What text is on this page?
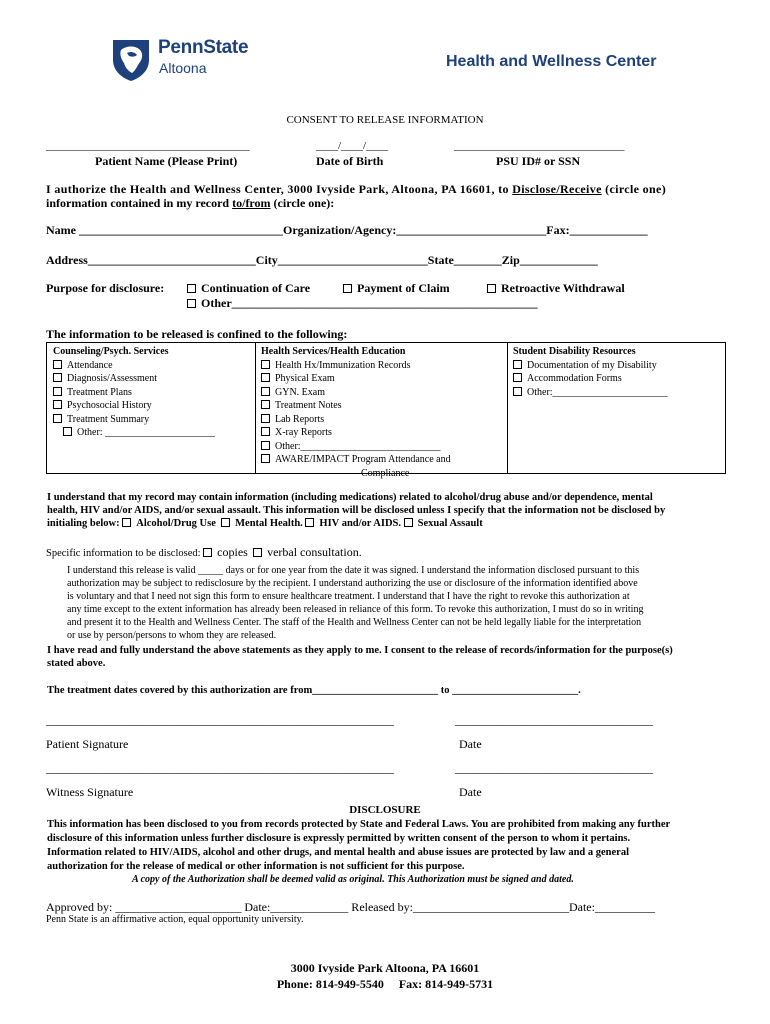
PennState
Altoona	Health and Wellness Center
CONSENT TO RELEASE INFORMATION
_____________________________________	____/____/____	_______________________________
Patient Name (Please Print)	Date of Birth	PSU ID# or SSN
I authorize the Health and Wellness Center, 3000 Ivyside Park, Altoona, PA 16601, to Disclose/Receive (circle one)
information contained in my record to/from (circle one):
Name __________________________________Organization/Agency:_________________________Fax:_____________
Address____________________________City_________________________State________Zip_____________
Purpose for disclosure:	Continuation of Care	Payment of Claim	Retroactive Withdrawal
Other___________________________________________________
The information to be released is confined to the following:
Counseling/Psych. Services
Attendance
Diagnosis/Assessment
Treatment Plans
Psychosocial History
Treatment Summary
Other: ______________________
Health Services/Health Education
Health Hx/Immunization Records
Physical Exam
GYN. Exam
Treatment Notes
Lab Reports
X-ray Reports
Other:____________________________
AWARE/IMPACT Program Attendance and
Compliance
Student Disability Resources
Documentation of my Disability
Accommodation Forms
Other:_______________________
I understand that my record may contain information (including medications) related to alcohol/drug abuse and/or dependence, mental
health, HIV and/or AIDS, and/or sexual assault. This information will be disclosed unless I specify that the information not be disclosed by
initialing below: Alcohol/Drug Use Mental Health. HIV and/or AIDS. Sexual Assault
Specific information to be disclosed: copies verbal consultation.
I understand this release is valid _____ days or for one year from the date it was signed. I understand the information disclosed pursuant to this
authorization may be subject to redisclosure by the recipient. I understand authorizing the use or disclosure of the information identified above
is voluntary and that I need not sign this form to ensure healthcare treatment. I understand that I have the right to revoke this authorization at
any time except to the extent information has already been released in reliance of this form. To revoke this authorization, I must do so in writing
and present it to the Health and Wellness Center. The staff of the Health and Wellness Center can not be held legally liable for the interpretation
or use by person/persons to whom they are released.
I have read and fully understand the above statements as they apply to me. I consent to the release of records/information for the purpose(s)
stated above.
The treatment dates covered by this authorization are from________________________ to ________________________.
__________________________________________________________	_________________________________
Patient Signature	Date
__________________________________________________________	_________________________________
Witness Signature	Date
DISCLOSURE
This information has been disclosed to you from records protected by State and Federal Laws. You are prohibited from making any further
disclosure of this information unless further disclosure is expressly permitted by written consent of the person to whom it pertains.
Information related to HIV/AIDS, alcohol and other drugs, and mental health and abuse issues are protected by law and a general
authorization for the release of medical or other information is not sufficient for this purpose.
A copy of the Authorization shall be deemed valid as original. This Authorization must be signed and dated.
Approved by: _____________________ Date:_____________ Released by:__________________________Date:__________
Penn State is an affirmative action, equal opportunity university.
3000 Ivyside Park Altoona, PA 16601
Phone: 814-949-5540     Fax: 814-949-5731
